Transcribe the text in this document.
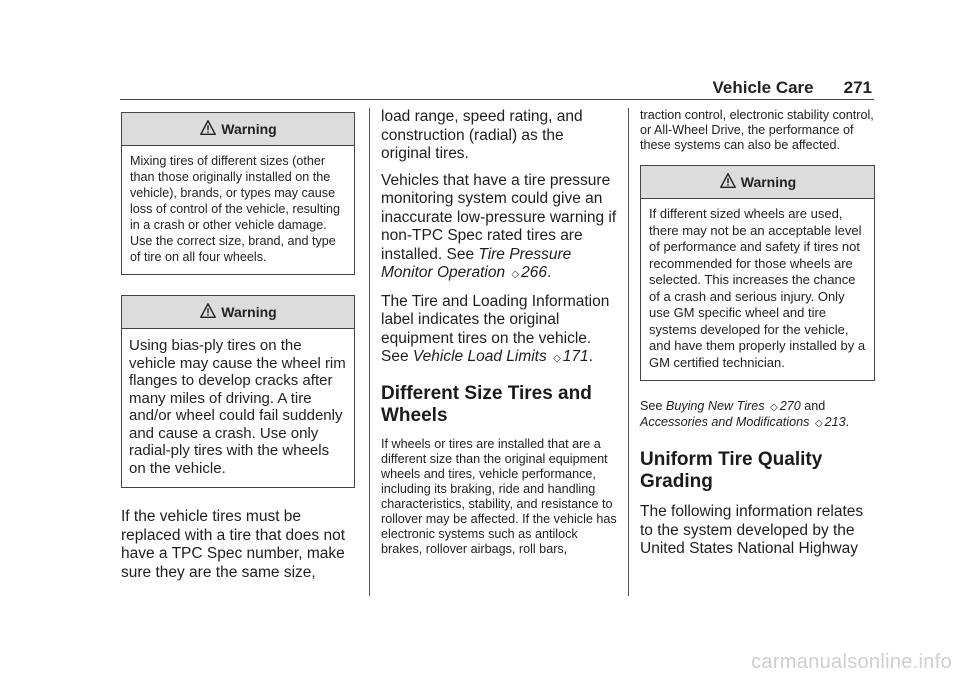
Vehicle Care 271
Warning
Mixing tires of different sizes (other than those originally installed on the vehicle), brands, or types may cause loss of control of the vehicle, resulting in a crash or other vehicle damage. Use the correct size, brand, and type of tire on all four wheels.
Warning
Using bias-ply tires on the vehicle may cause the wheel rim flanges to develop cracks after many miles of driving. A tire and/or wheel could fail suddenly and cause a crash. Use only radial-ply tires with the wheels on the vehicle.

If the vehicle tires must be replaced with a tire that does not have a TPC Spec number, make sure they are the same size,

load range, speed rating, and construction (radial) as the original tires.

Vehicles that have a tire pressure monitoring system could give an inaccurate low-pressure warning if non-TPC Spec rated tires are installed. See Tire Pressure Monitor Operation ◇ 266.

The Tire and Loading Information label indicates the original equipment tires on the vehicle. See Vehicle Load Limits ◇ 171.

Different Size Tires and Wheels

If wheels or tires are installed that are a different size than the original equipment wheels and tires, vehicle performance, including its braking, ride and handling characteristics, stability, and resistance to rollover may be affected. If the vehicle has electronic systems such as antilock brakes, rollover airbags, roll bars,

traction control, electronic stability control, or All-Wheel Drive, the performance of these systems can also be affected.

Warning
If different sized wheels are used, there may not be an acceptable level of performance and safety if tires not recommended for those wheels are selected. This increases the chance of a crash and serious injury. Only use GM specific wheel and tire systems developed for the vehicle, and have them properly installed by a GM certified technician.

See Buying New Tires ◇ 270 and Accessories and Modifications ◇ 213.

Uniform Tire Quality Grading

The following information relates to the system developed by the United States National Highway

carmanualsonline.info
